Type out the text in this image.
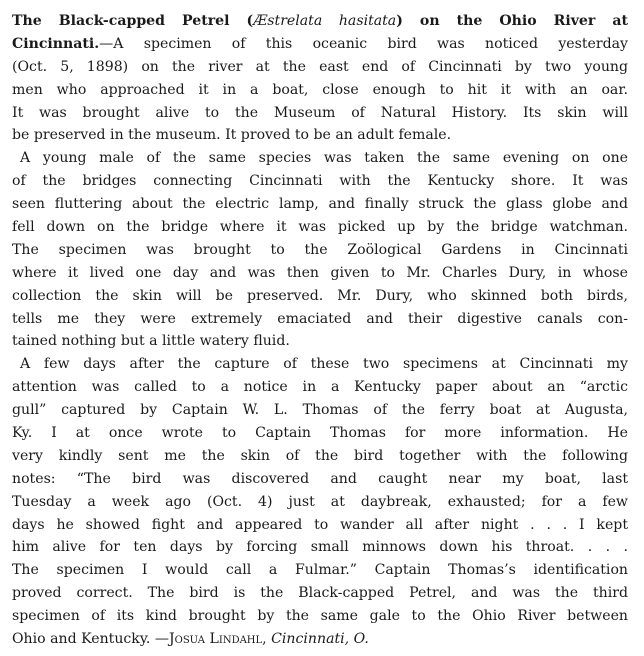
The Black-capped Petrel (Æstrelata hasitata) on the Ohio River at
Cincinnati.—A specimen of this oceanic bird was noticed yesterday
(Oct. 5, 1898) on the river at the east end of Cincinnati by two young
men who approached it in a boat, close enough to hit it with an oar.
It was brought alive to the Museum of Natural History. Its skin will
be preserved in the museum. It proved to be an adult female.
A young male of the same species was taken the same evening on one
of the bridges connecting Cincinnati with the Kentucky shore. It was
seen fluttering about the electric lamp, and finally struck the glass globe and
fell down on the bridge where it was picked up by the bridge watchman.
The specimen was brought to the Zoölogical Gardens in Cincinnati
where it lived one day and was then given to Mr. Charles Dury, in whose
collection the skin will be preserved. Mr. Dury, who skinned both birds,
tells me they were extremely emaciated and their digestive canals con-
tained nothing but a little watery fluid.
A few days after the capture of these two specimens at Cincinnati my
attention was called to a notice in a Kentucky paper about an “arctic
gull” captured by Captain W. L. Thomas of the ferry boat at Augusta,
Ky. I at once wrote to Captain Thomas for more information. He
very kindly sent me the skin of the bird together with the following
notes: “The bird was discovered and caught near my boat, last
Tuesday a week ago (Oct. 4) just at daybreak, exhausted; for a few
days he showed fight and appeared to wander all after night . . . I kept
him alive for ten days by forcing small minnows down his throat. . . .
The specimen I would call a Fulmar.” Captain Thomas’s identification
proved correct. The bird is the Black-capped Petrel, and was the third
specimen of its kind brought by the same gale to the Ohio River between
Ohio and Kentucky. —Josua Lindahl, Cincinnati, O.
